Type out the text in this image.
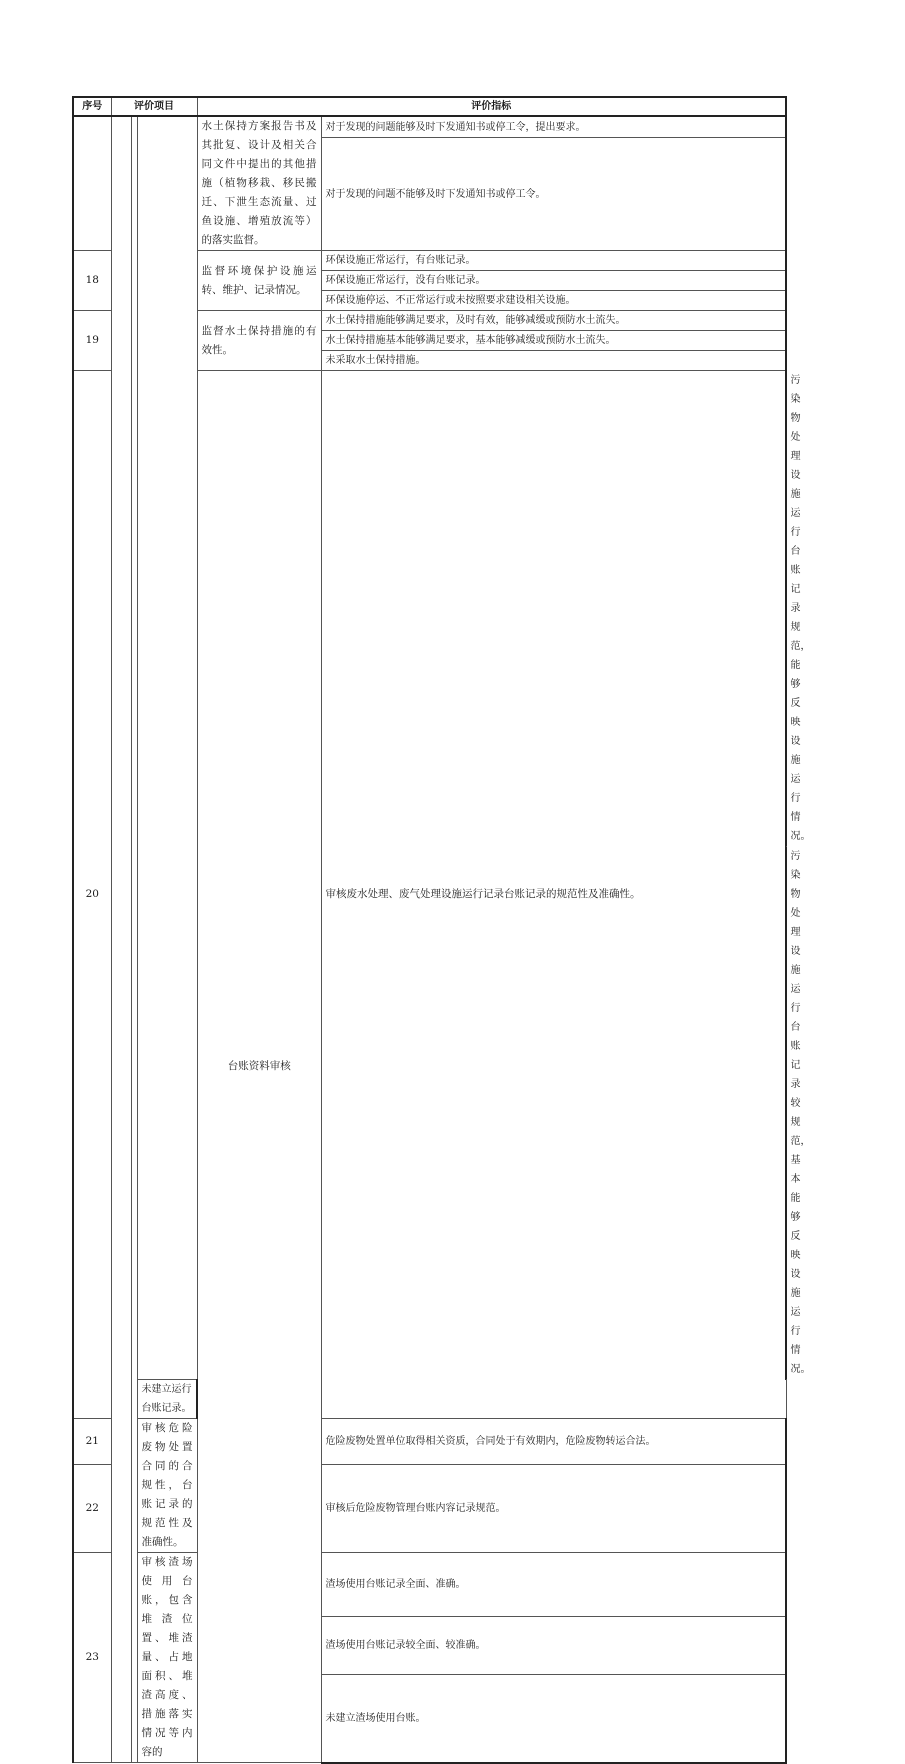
序号	评价项目			评价指标		
				水土保持方案报告书及其批复、设计及相关合同文件中提出的其他措施（植物移栽、移民搬迁、下泄生态流量、过鱼设施、增殖放流等）的落实监督。	对于发现的问题能够及时下发通知书或停工令，提出要求。	
					对于发现的问题不能够及时下发通知书或停工令。	
18				监督环境保护设施运转、维护、记录情况。	环保设施正常运行，有台账记录。	
					环保设施正常运行，没有台账记录。	
					环保设施停运、不正常运行或未按照要求建设相关设施。	
19				监督水土保持措施的有效性。	水土保持措施能够满足要求，及时有效，能够减缓或预防水土流失。	
					水土保持措施基本能够满足要求，基本能够减缓或预防水土流失。	
					未采取水土保持措施。	
20				台账资料审核	审核废水处理、废气处理设施运行记录台账记录的规范性及准确性。	污染物处理设施运行台账记录规范，能够反映设施运行情况。
						污染物处理设施运行台账记录较规范，基本能够反映设施运行情况。
			未建立运行台账记录。			
21			审核危险废物处置合同的合规性，台账记录的规范性及准确性。		危险废物处置单位取得相关资质，合同处于有效期内，危险废物转运合法。	
22					审核后危险废物管理台账内容记录规范。	
23			审核渣场使用台账，包含堆渣位置、堆渣量、占地面积、堆渣高度、措施落实情况等内容的		渣场使用台账记录全面、准确。	
					渣场使用台账记录较全面、较准确。	
					未建立渣场使用台账。	
